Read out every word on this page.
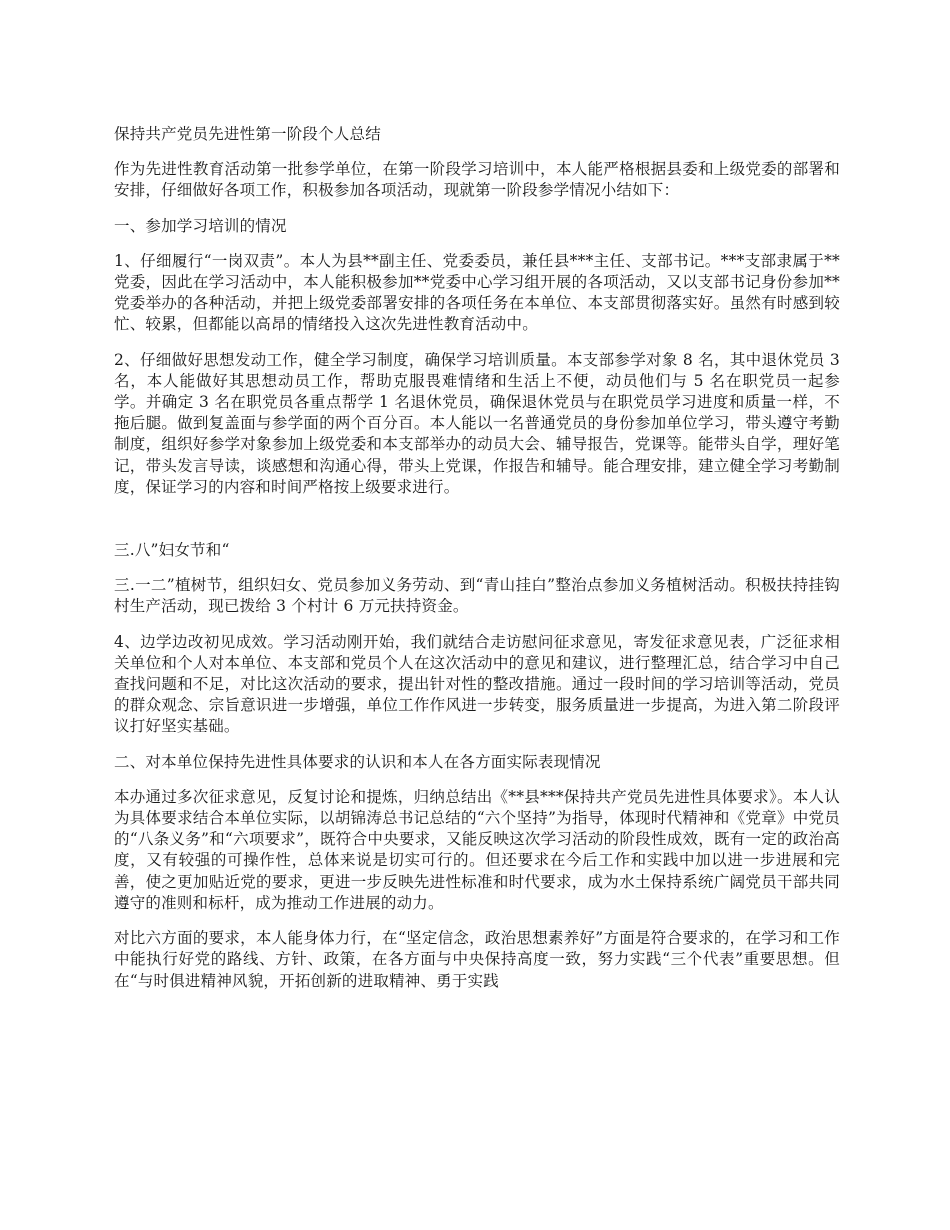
保持共产党员先进性第一阶段个人总结

作为先进性教育活动第一批参学单位，在第一阶段学习培训中，本人能严格根据县委和上级党委的部署和安排，仔细做好各项工作，积极参加各项活动，现就第一阶段参学情况小结如下：

一、参加学习培训的情况

1、仔细履行“一岗双责”。本人为县**副主任、党委委员，兼任县***主任、支部书记。***支部隶属于**党委，因此在学习活动中，本人能积极参加**党委中心学习组开展的各项活动，又以支部书记身份参加**党委举办的各种活动，并把上级党委部署安排的各项任务在本单位、本支部贯彻落实好。虽然有时感到较忙、较累，但都能以高昂的情绪投入这次先进性教育活动中。

2、仔细做好思想发动工作，健全学习制度，确保学习培训质量。本支部参学对象 8 名，其中退休党员 3 名，本人能做好其思想动员工作，帮助克服畏难情绪和生活上不便，动员他们与 5 名在职党员一起参学。并确定 3 名在职党员各重点帮学 1 名退休党员，确保退休党员与在职党员学习进度和质量一样，不拖后腿。做到复盖面与参学面的两个百分百。本人能以一名普通党员的身份参加单位学习，带头遵守考勤制度，组织好参学对象参加上级党委和本支部举办的动员大会、辅导报告，党课等。能带头自学，理好笔记，带头发言导读，谈感想和沟通心得，带头上党课，作报告和辅导。能合理安排，建立健全学习考勤制度，保证学习的内容和时间严格按上级要求进行。

三.八”妇女节和“

三.一二”植树节，组织妇女、党员参加义务劳动、到“青山挂白”整治点参加义务植树活动。积极扶持挂钩村生产活动，现已拨给 3 个村计 6 万元扶持资金。

4、边学边改初见成效。学习活动刚开始，我们就结合走访慰问征求意见，寄发征求意见表，广泛征求相关单位和个人对本单位、本支部和党员个人在这次活动中的意见和建议，进行整理汇总，结合学习中自己查找问题和不足，对比这次活动的要求，提出针对性的整改措施。通过一段时间的学习培训等活动，党员的群众观念、宗旨意识进一步增强，单位工作作风进一步转变，服务质量进一步提高，为进入第二阶段评议打好坚实基础。

二、对本单位保持先进性具体要求的认识和本人在各方面实际表现情况

本办通过多次征求意见，反复讨论和提炼，归纳总结出《**县***保持共产党员先进性具体要求》。本人认为具体要求结合本单位实际，以胡锦涛总书记总结的“六个坚持”为指导，体现时代精神和《党章》中党员的“八条义务”和“六项要求”，既符合中央要求，又能反映这次学习活动的阶段性成效，既有一定的政治高度，又有较强的可操作性，总体来说是切实可行的。但还要求在今后工作和实践中加以进一步进展和完善，使之更加贴近党的要求，更进一步反映先进性标准和时代要求，成为水土保持系统广阔党员干部共同遵守的准则和标杆，成为推动工作进展的动力。

对比六方面的要求，本人能身体力行，在“坚定信念，政治思想素养好”方面是符合要求的，在学习和工作中能执行好党的路线、方针、政策，在各方面与中央保持高度一致，努力实践“三个代表”重要思想。但在“与时俱进精神风貌，开拓创新的进取精神、勇于实践
